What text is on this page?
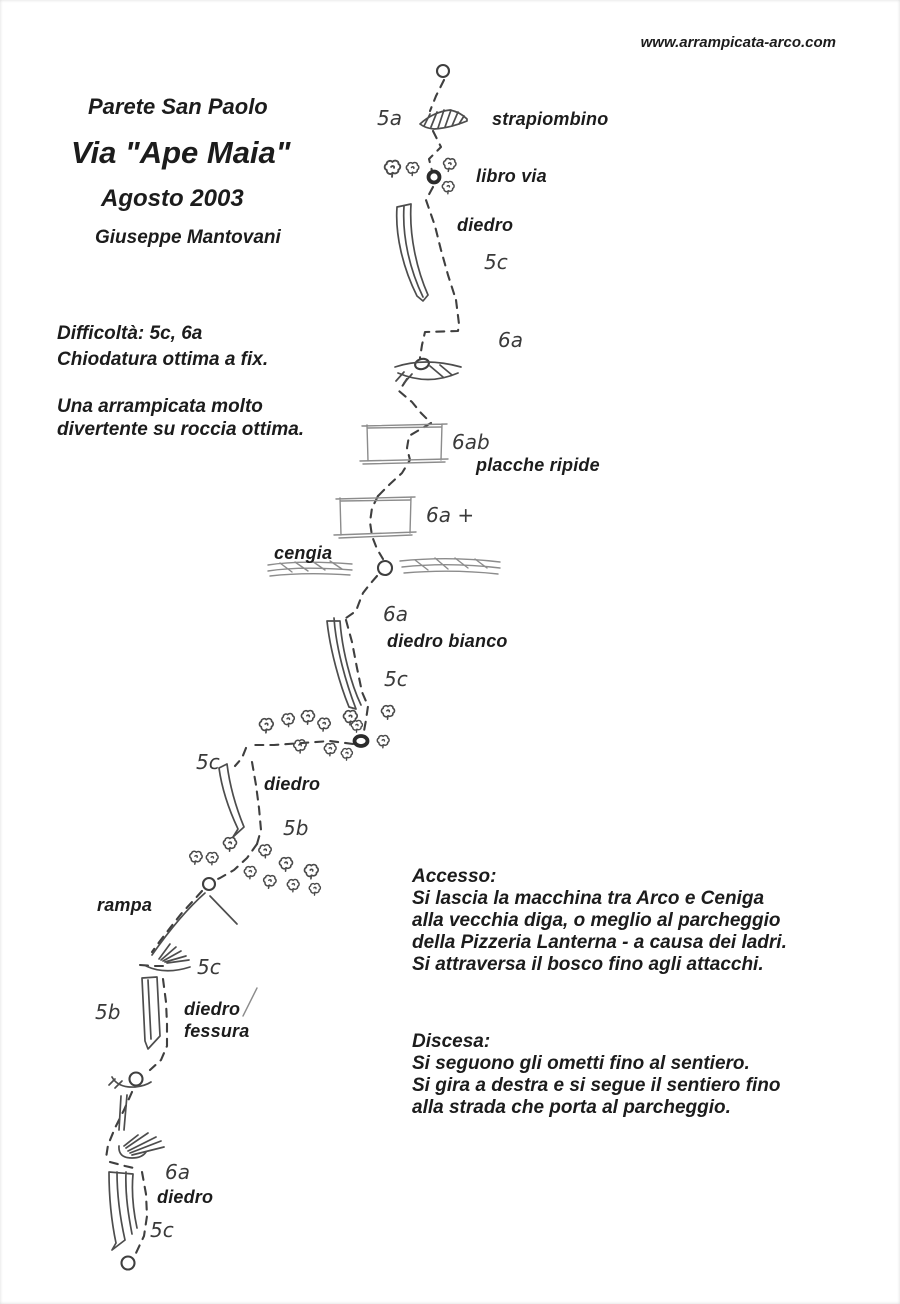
www.arrampicata-arco.com
Parete San Paolo
Via "Ape Maia"
Agosto 2003
Giuseppe Mantovani
Difficoltà: 5c, 6a
Chiodatura ottima a fix.
Una arrampicata molto
divertente su roccia ottima.
Accesso:
Si lascia la macchina tra Arco e Ceniga
alla vecchia diga, o meglio al parcheggio
della Pizzeria Lanterna - a causa dei ladri.
Si attraversa il bosco fino agli attacchi.
Discesa:
Si seguono gli ometti fino al sentiero.
Si gira a destra e si segue il sentiero fino
alla strada che porta al parcheggio.
5a
5c
6a
6ab
6a +
6a
5c
5c
5b
5c
5b
6a
5c
strapiombino
libro via
diedro
placche ripide
cengia
diedro bianco
diedro
rampa
diedro
fessura
diedro
